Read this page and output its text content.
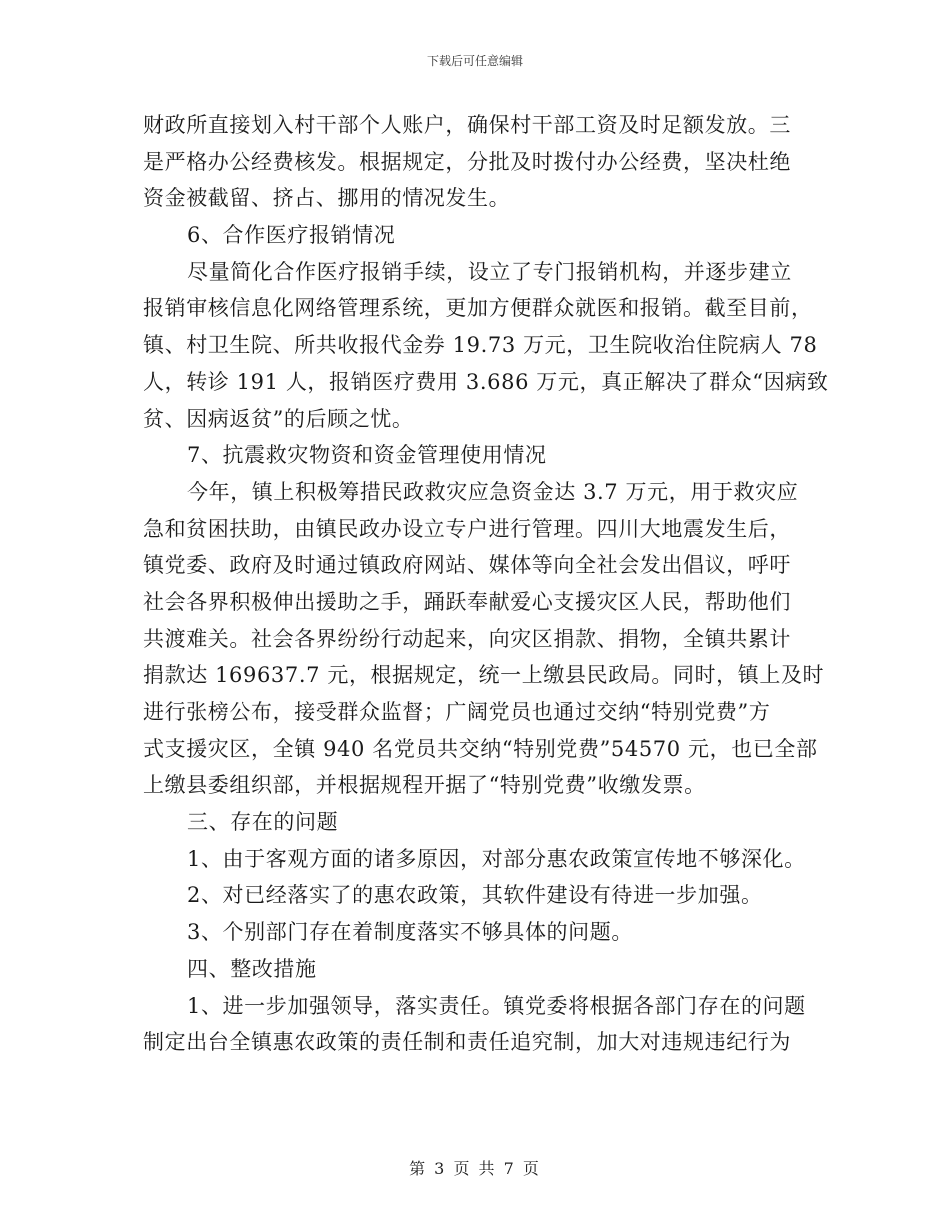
下载后可任意编辑
财政所直接划入村干部个人账户，确保村干部工资及时足额发放。三
是严格办公经费核发。根据规定，分批及时拨付办公经费，坚决杜绝
资金被截留、挤占、挪用的情况发生。
6、合作医疗报销情况
尽量简化合作医疗报销手续，设立了专门报销机构，并逐步建立
报销审核信息化网络管理系统，更加方便群众就医和报销。截至目前，
镇、村卫生院、所共收报代金券 19.73 万元，卫生院收治住院病人 78
人，转诊 191 人，报销医疗费用 3.686 万元，真正解决了群众“因病致
贫、因病返贫”的后顾之忧。
7、抗震救灾物资和资金管理使用情况
今年，镇上积极筹措民政救灾应急资金达 3.7 万元，用于救灾应
急和贫困扶助，由镇民政办设立专户进行管理。四川大地震发生后，
镇党委、政府及时通过镇政府网站、媒体等向全社会发出倡议，呼吁
社会各界积极伸出援助之手，踊跃奉献爱心支援灾区人民，帮助他们
共渡难关。社会各界纷纷行动起来，向灾区捐款、捐物，全镇共累计
捐款达 169637.7 元，根据规定，统一上缴县民政局。同时，镇上及时
进行张榜公布，接受群众监督；广阔党员也通过交纳“特别党费”方
式支援灾区，全镇 940 名党员共交纳“特别党费”54570 元，也已全部
上缴县委组织部，并根据规程开据了“特别党费”收缴发票。
三、存在的问题
1、由于客观方面的诸多原因，对部分惠农政策宣传地不够深化。
2、对已经落实了的惠农政策，其软件建设有待进一步加强。
3、个别部门存在着制度落实不够具体的问题。
四、整改措施
1、进一步加强领导，落实责任。镇党委将根据各部门存在的问题
制定出台全镇惠农政策的责任制和责任追究制，加大对违规违纪行为
第 3 页 共 7 页
